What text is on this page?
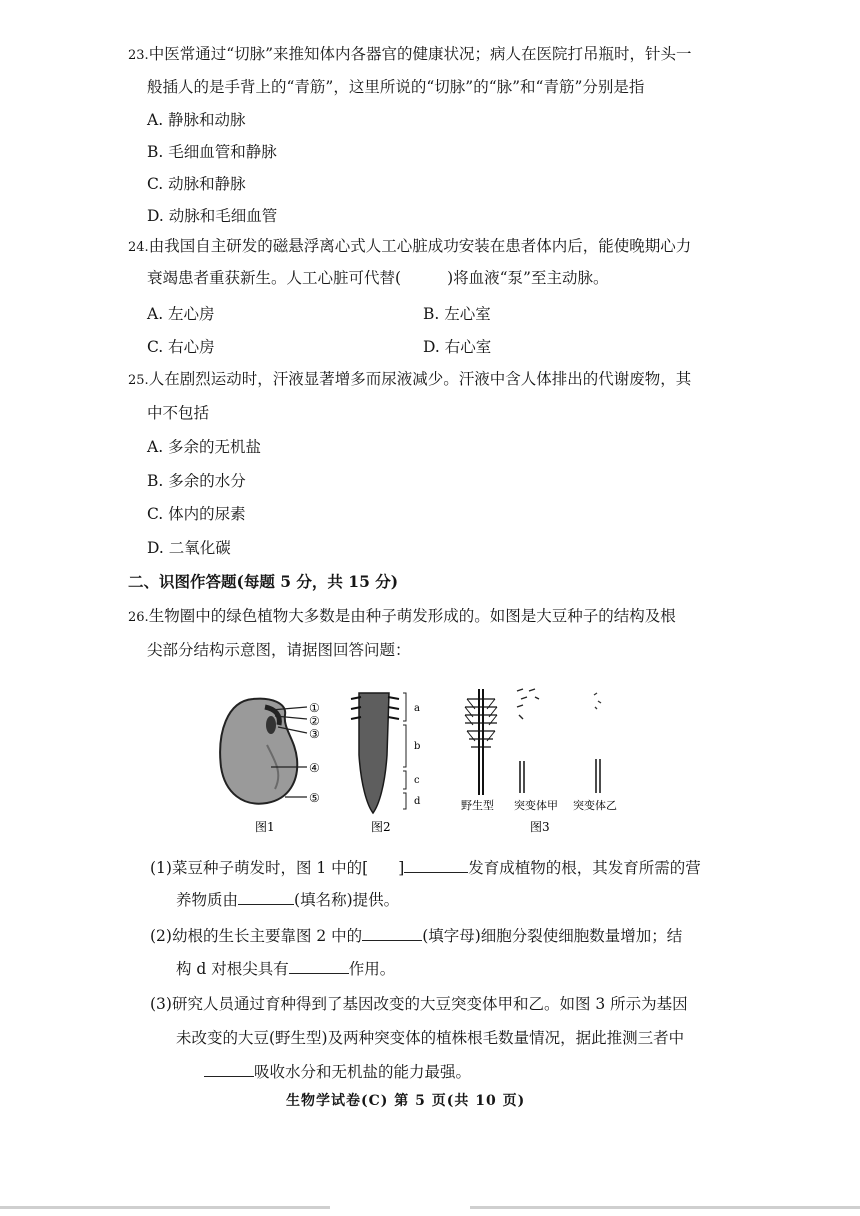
23.中医常通过“切脉”来推知体内各器官的健康状况；病人在医院打吊瓶时，针头一
般插人的是手背上的“青筋”，这里所说的“切脉”的“脉”和“青筋”分别是指
A. 静脉和动脉
B. 毛细血管和静脉
C. 动脉和静脉
D. 动脉和毛细血管
24.由我国自主研发的磁悬浮离心式人工心脏成功安装在患者体内后，能使晚期心力
衰竭患者重获新生。人工心脏可代替(	)将血液“泵”至主动脉。
A. 左心房	B. 左心室
C. 右心房	D. 右心室
25.人在剧烈运动时，汗液显著增多而尿液减少。汗液中含人体排出的代谢废物，其
中不包括
A. 多余的无机盐
B. 多余的水分
C. 体内的尿素
D. 二氧化碳
二、识图作答题(每题 5 分，共 15 分)
26.生物圈中的绿色植物大多数是由种子萌发形成的。如图是大豆种子的结构及根
尖部分结构示意图，请据图回答问题：
①
②
③
④
⑤
图1
a
b
c
d
图2
野生型 突变体甲 突变体乙
图3
(1)菜豆种子萌发时，图 1 中的[ ]	发育成植物的根，其发育所需的营
养物质由	(填名称)提供。
(2)幼根的生长主要靠图 2 中的	(填字母)细胞分裂使细胞数量增加；结
构 d 对根尖具有	作用。
(3)研究人员通过育种得到了基因改变的大豆突变体甲和乙。如图 3 所示为基因
未改变的大豆(野生型)及两种突变体的植株根毛数量情况，据此推测三者中
吸收水分和无机盐的能力最强。
生物学试卷(C) 第 5 页(共 10 页)
